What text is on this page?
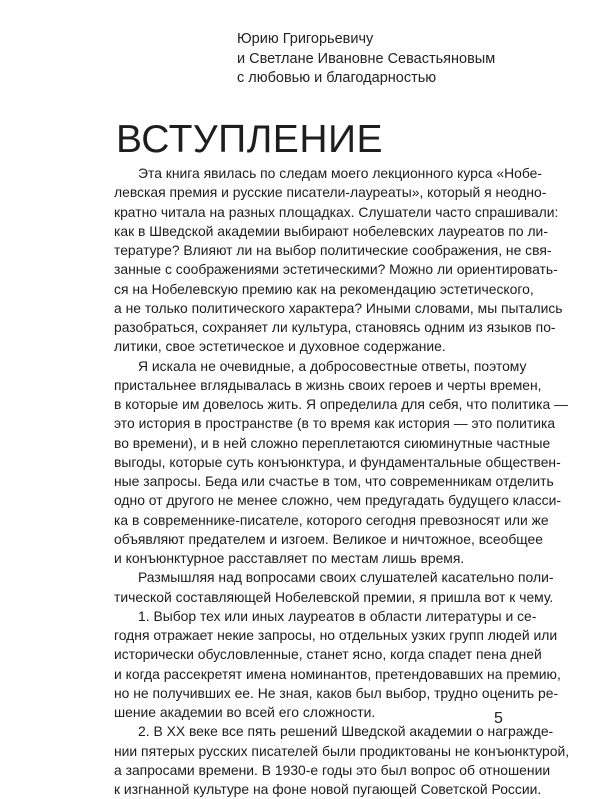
Юрию Григорьевичу
и Светлане Ивановне Севастьяновым
с любовью и благодарностью
ВСТУПЛЕНИЕ
Эта книга явилась по следам моего лекционного курса «Нобе-
левская премия и русские писатели-лауреаты», который я неодно-
кратно читала на разных площадках. Слушатели часто спрашивали:
как в Шведской академии выбирают нобелевских лауреатов по ли-
тературе? Влияют ли на выбор политические соображения, не свя-
занные с соображениями эстетическими? Можно ли ориентировать-
ся на Нобелевскую премию как на рекомендацию эстетического,
а не только политического характера? Иными словами, мы пытались
разобраться, сохраняет ли культура, становясь одним из языков по-
литики, свое эстетическое и духовное содержание.
Я искала не очевидные, а добросовестные ответы, поэтому
пристальнее вглядывалась в жизнь своих героев и черты времен,
в которые им довелось жить. Я определила для себя, что политика —
это история в пространстве (в то время как история — это политика
во времени), и в ней сложно переплетаются сиюминутные частные
выгоды, которые суть конъюнктура, и фундаментальные обществен-
ные запросы. Беда или счастье в том, что современникам отделить
одно от другого не менее сложно, чем предугадать будущего класси-
ка в современнике-писателе, которого сегодня превозносят или же
объявляют предателем и изгоем. Великое и ничтожное, всеобщее
и конъюнктурное расставляет по местам лишь время.
Размышляя над вопросами своих слушателей касательно поли-
тической составляющей Нобелевской премии, я пришла вот к чему.
1. Выбор тех или иных лауреатов в области литературы и се-
годня отражает некие запросы, но отдельных узких групп людей или
исторически обусловленные, станет ясно, когда спадет пена дней
и когда рассекретят имена номинантов, претендовавших на премию,
но не получивших ее. Не зная, каков был выбор, трудно оценить ре-
шение академии во всей его сложности.
2. В XX веке все пять решений Шведской академии о награжде-
нии пятерых русских писателей были продиктованы не конъюнктурой,
а запросами времени. В 1930-е годы это был вопрос об отношении
к изгнанной культуре на фоне новой пугающей Советской России.
5
